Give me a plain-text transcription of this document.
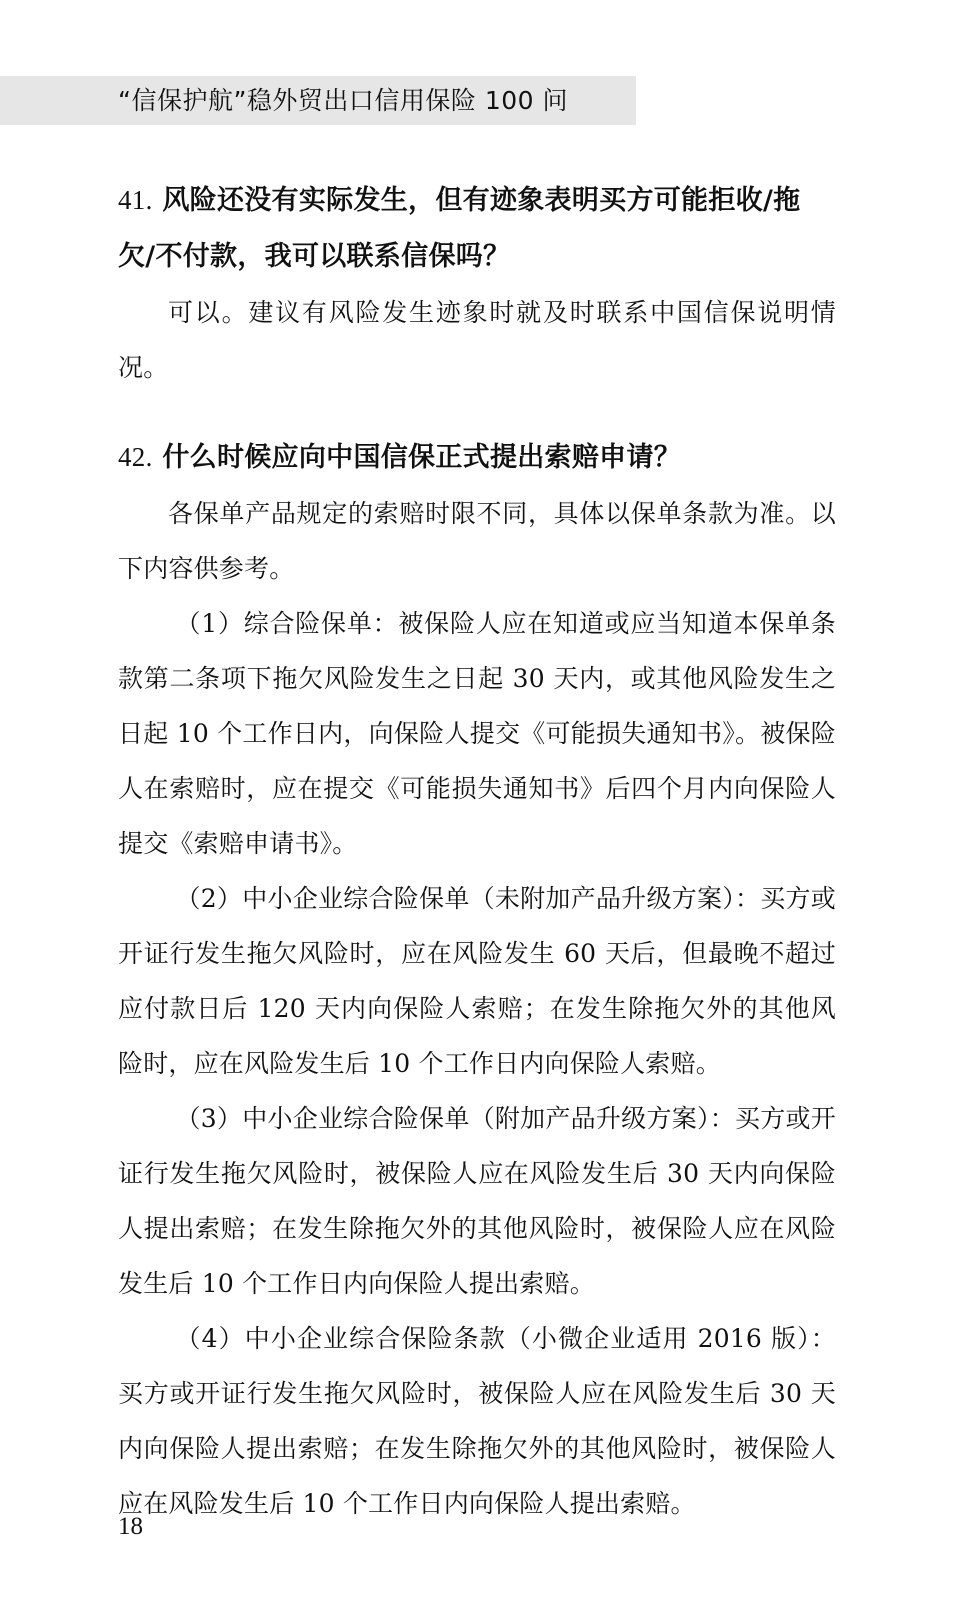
“信保护航”稳外贸出口信用保险 100 问
41. 风险还没有实际发生，但有迹象表明买方可能拒收/拖欠/不付款，我可以联系信保吗？

可以。建议有风险发生迹象时就及时联系中国信保说明情况。

42. 什么时候应向中国信保正式提出索赔申请？

各保单产品规定的索赔时限不同，具体以保单条款为准。以下内容供参考。

（1）综合险保单：被保险人应在知道或应当知道本保单条款第二条项下拖欠风险发生之日起 30 天内，或其他风险发生之日起 10 个工作日内，向保险人提交《可能损失通知书》。被保险人在索赔时，应在提交《可能损失通知书》后四个月内向保险人提交《索赔申请书》。

（2）中小企业综合险保单（未附加产品升级方案）：买方或开证行发生拖欠风险时，应在风险发生 60 天后，但最晚不超过应付款日后 120 天内向保险人索赔；在发生除拖欠外的其他风险时，应在风险发生后 10 个工作日内向保险人索赔。

（3）中小企业综合险保单（附加产品升级方案）：买方或开证行发生拖欠风险时，被保险人应在风险发生后 30 天内向保险人提出索赔；在发生除拖欠外的其他风险时，被保险人应在风险发生后 10 个工作日内向保险人提出索赔。

（4）中小企业综合保险条款（小微企业适用 2016 版）：买方或开证行发生拖欠风险时，被保险人应在风险发生后 30 天内向保险人提出索赔；在发生除拖欠外的其他风险时，被保险人应在风险发生后 10 个工作日内向保险人提出索赔。

18
